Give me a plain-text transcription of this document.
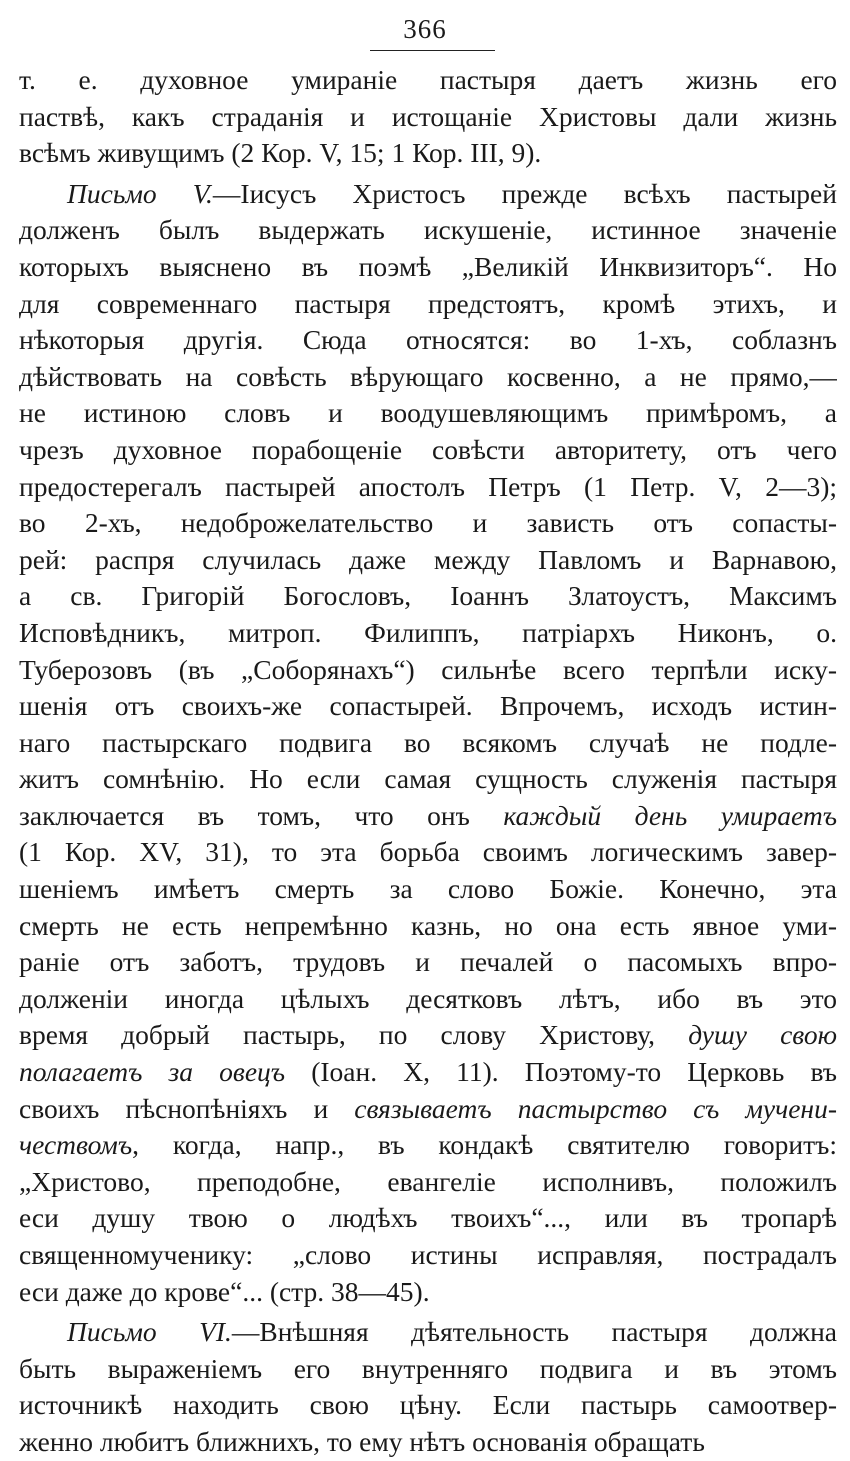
366
т. е. духовное умираніе пастыря даетъ жизнь его
паствѣ, какъ страданія и истощаніе Христовы дали жизнь
всѣмъ живущимъ (2 Кор. V, 15; 1 Кор. III, 9).
Письмо V.—Іисусъ Христосъ прежде всѣхъ пастырей
долженъ былъ выдержать искушеніе, истинное значеніе
которыхъ выяснено въ поэмѣ „Великій Инквизиторъ“. Но
для современнаго пастыря предстоятъ, кромѣ этихъ, и
нѣкоторыя другія. Сюда относятся: во 1-хъ, соблазнъ
дѣйствовать на совѣсть вѣрующаго косвенно, а не прямо,—
не истиною словъ и воодушевляющимъ примѣромъ, а
чрезъ духовное порабощеніе совѣсти авторитету, отъ чего
предостерегалъ пастырей апостолъ Петръ (1 Петр. V, 2—3);
во 2-хъ, недоброжелательство и зависть отъ сопасты-
рей: распря случилась даже между Павломъ и Варнавою,
а св. Григорій Богословъ, Іоаннъ Златоустъ, Максимъ
Исповѣдникъ, митроп. Филиппъ, патріархъ Никонъ, о.
Туберозовъ (въ „Соборянахъ“) сильнѣе всего терпѣли иску-
шенія отъ своихъ-же сопастырей. Впрочемъ, исходъ истин-
наго пастырскаго подвига во всякомъ случаѣ не подле-
житъ сомнѣнію. Но если самая сущность служенія пастыря
заключается въ томъ, что онъ каждый день умираетъ
(1 Кор. XV, 31), то эта борьба своимъ логическимъ завер-
шеніемъ имѣетъ смерть за слово Божіе. Конечно, эта
смерть не есть непремѣнно казнь, но она есть явное уми-
раніе отъ заботъ, трудовъ и печалей о пасомыхъ впро-
долженіи иногда цѣлыхъ десятковъ лѣтъ, ибо въ это
время добрый пастырь, по слову Христову, душу свою
полагаетъ за овецъ (Іоан. X, 11). Поэтому-то Церковь въ
своихъ пѣснопѣніяхъ и связываетъ пастырство съ мучени-
чествомъ, когда, напр., въ кондакѣ святителю говоритъ:
„Христово, преподобне, евангеліе исполнивъ, положилъ
еси душу твою о людѣхъ твоихъ“..., или въ тропарѣ
священномученику: „слово истины исправляя, пострадалъ
еси даже до крове“... (стр. 38—45).
Письмо VI.—Внѣшняя дѣятельность пастыря должна
быть выраженіемъ его внутренняго подвига и въ этомъ
источникѣ находить свою цѣну. Если пастырь самоотвер-
женно любитъ ближнихъ, то ему нѣтъ основанія обращать
